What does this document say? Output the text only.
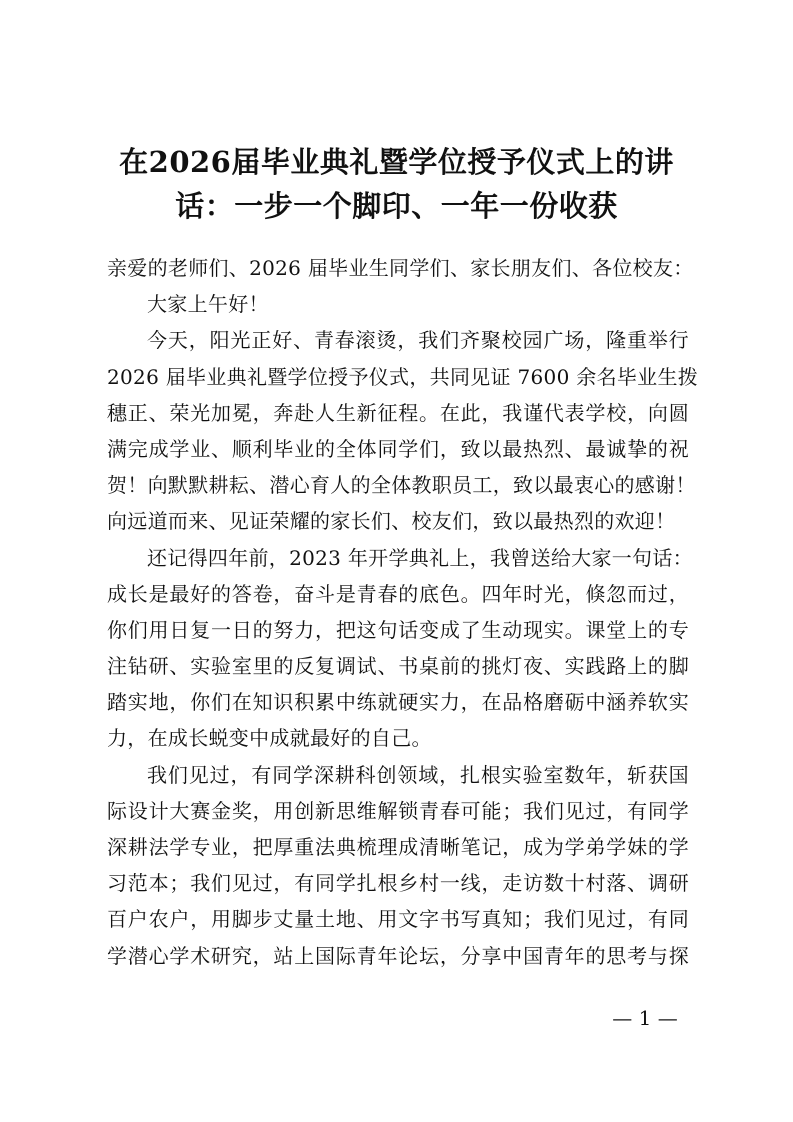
在2026届毕业典礼暨学位授予仪式上的讲
话：一步一个脚印、一年一份收获
亲爱的老师们、2026 届毕业生同学们、家长朋友们、各位校友：
大家上午好！
今天，阳光正好、青春滚烫，我们齐聚校园广场，隆重举行
2026 届毕业典礼暨学位授予仪式，共同见证 7600 余名毕业生拨
穗正、荣光加冕，奔赴人生新征程。在此，我谨代表学校，向圆
满完成学业、顺利毕业的全体同学们，致以最热烈、最诚挚的祝
贺！向默默耕耘、潜心育人的全体教职员工，致以最衷心的感谢！
向远道而来、见证荣耀的家长们、校友们，致以最热烈的欢迎！
还记得四年前，2023 年开学典礼上，我曾送给大家一句话：
成长是最好的答卷，奋斗是青春的底色。四年时光，倏忽而过，
你们用日复一日的努力，把这句话变成了生动现实。课堂上的专
注钻研、实验室里的反复调试、书桌前的挑灯夜、实践路上的脚
踏实地，你们在知识积累中练就硬实力，在品格磨砺中涵养软实
力，在成长蜕变中成就最好的自己。
我们见过，有同学深耕科创领域，扎根实验室数年，斩获国
际设计大赛金奖，用创新思维解锁青春可能；我们见过，有同学
深耕法学专业，把厚重法典梳理成清晰笔记，成为学弟学妹的学
习范本；我们见过，有同学扎根乡村一线，走访数十村落、调研
百户农户，用脚步丈量土地、用文字书写真知；我们见过，有同
学潜心学术研究，站上国际青年论坛，分享中国青年的思考与探
— 1 —
